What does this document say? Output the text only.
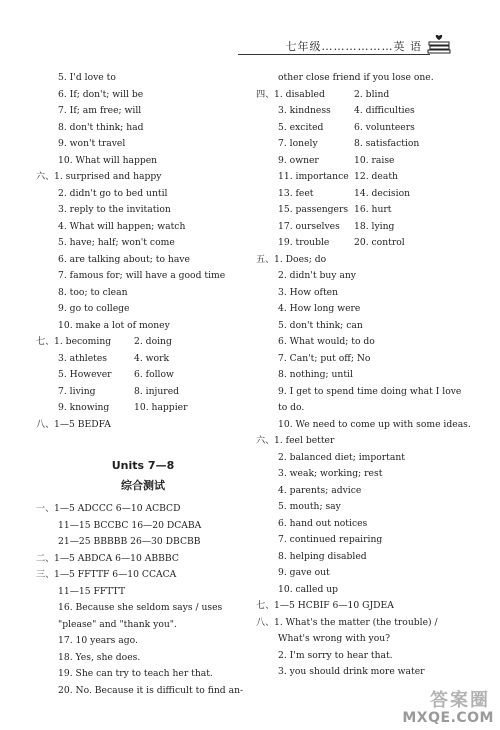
七年级………………英 语
5. I'd love to
6. If; don't; will be
7. If; am free; will
8. don't think; had
9. won't travel
10. What will happen
六、 1. surprised and happy
2. didn't go to bed until
3. reply to the invitation
4. What will happen; watch
5. have; half; won't come
6. are talking about; to have
7. famous for; will have a good time
8. too; to clean
9. go to college
10. make a lot of money
七、 1. becoming 2. doing
3. athletes	4. work
5. However 6. follow
7. living	8. injured
9. knowing	10. happier
八、 1—5 BEDFA
Units 7—8
综合测试
一、 1—5 ADCCC 6—10 ACBCD
11—15 BCCBC 16—20 DCABA
21—25 BBBBB 26—30 DBCBB
二、 1—5 ABDCA 6—10 ABBBC
三、 1—5 FFTTF 6—10 CCACA
11—15 FFTTT
16. Because she seldom says / uses
"please" and "thank you".
17. 10 years ago.
18. Yes, she does.
19. She can try to teach her that.
20. No. Because it is difficult to find an-
other close friend if you lose one.
四、 1. disabled	2. blind
3. kindness	4. difficulties
5. excited	6. volunteers
7. lonely	8. satisfaction
9. owner	10. raise
11. importance 12. death
13. feet	14. decision
15. passengers 16. hurt
17. ourselves 18. lying
19. trouble	20. control
五、 1. Does; do
2. didn't buy any
3. How often
4. How long were
5. don't think; can
6. What would; to do
7. Can't; put off; No
8. nothing; until
9. I get to spend time doing what I love
to do.
10. We need to come up with some ideas.
六、 1. feel better
2. balanced diet; important
3. weak; working; rest
4. parents; advice
5. mouth; say
6. hand out notices
7. continued repairing
8. helping disabled
9. gave out
10. called up
七、 1—5 HCBIF 6—10 GJDEA
八、 1. What's the matter (the trouble) /
What's wrong with you?
2. I'm sorry to hear that.
3. you should drink more water
答案圈
MXQE.COM
